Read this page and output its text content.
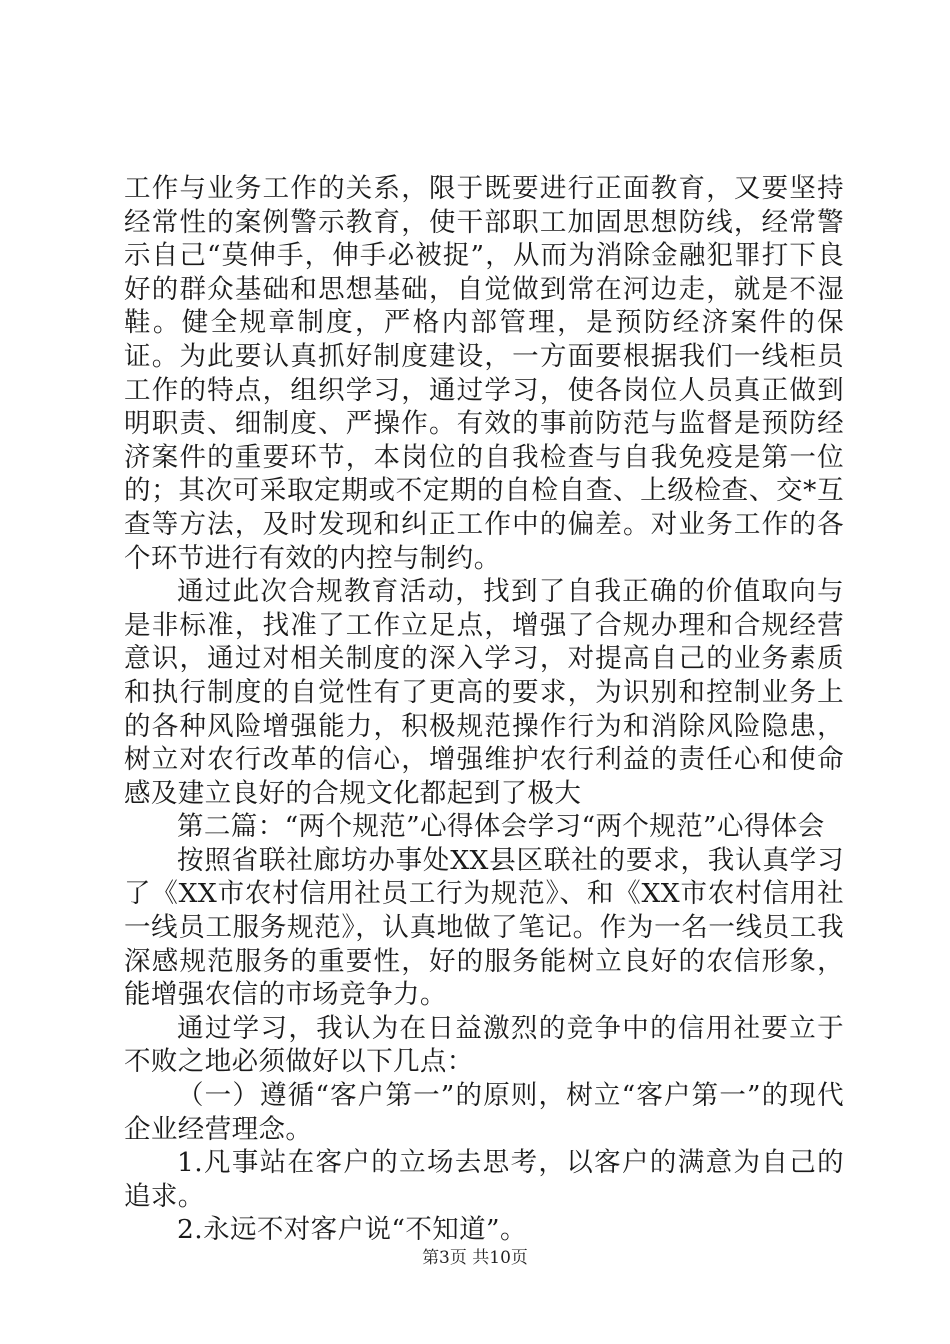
工作与业务工作的关系，限于既要进行正面教育，又要坚持经常性的案例警示教育，使干部职工加固思想防线，经常警示自己“莫伸手，伸手必被捉”，从而为消除金融犯罪打下良好的群众基础和思想基础，自觉做到常在河边走，就是不湿鞋。健全规章制度，严格内部管理，是预防经济案件的保证。为此要认真抓好制度建设，一方面要根据我们一线柜员工作的特点，组织学习，通过学习，使各岗位人员真正做到明职责、细制度、严操作。有效的事前防范与监督是预防经济案件的重要环节，本岗位的自我检查与自我免疫是第一位的；其次可采取定期或不定期的自检自查、上级检查、交*互查等方法，及时发现和纠正工作中的偏差。对业务工作的各个环节进行有效的内控与制约。

通过此次合规教育活动，找到了自我正确的价值取向与是非标准，找准了工作立足点，增强了合规办理和合规经营意识，通过对相关制度的深入学习，对提高自己的业务素质和执行制度的自觉性有了更高的要求，为识别和控制业务上的各种风险增强能力，积极规范操作行为和消除风险隐患，树立对农行改革的信心，增强维护农行利益的责任心和使命感及建立良好的合规文化都起到了极大

第二篇：“两个规范”心得体会学习“两个规范”心得体会

按照省联社廊坊办事处XX县区联社的要求，我认真学习了《XX市农村信用社员工行为规范》、和《XX市农村信用社一线员工服务规范》，认真地做了笔记。作为一名一线员工我深感规范服务的重要性，好的服务能树立良好的农信形象，能增强农信的市场竞争力。

通过学习，我认为在日益激烈的竞争中的信用社要立于不败之地必须做好以下几点：

（一）遵循“客户第一”的原则，树立“客户第一”的现代企业经营理念。

1.凡事站在客户的立场去思考，以客户的满意为自己的追求。

2.永远不对客户说“不知道”。

第3页 共10页
